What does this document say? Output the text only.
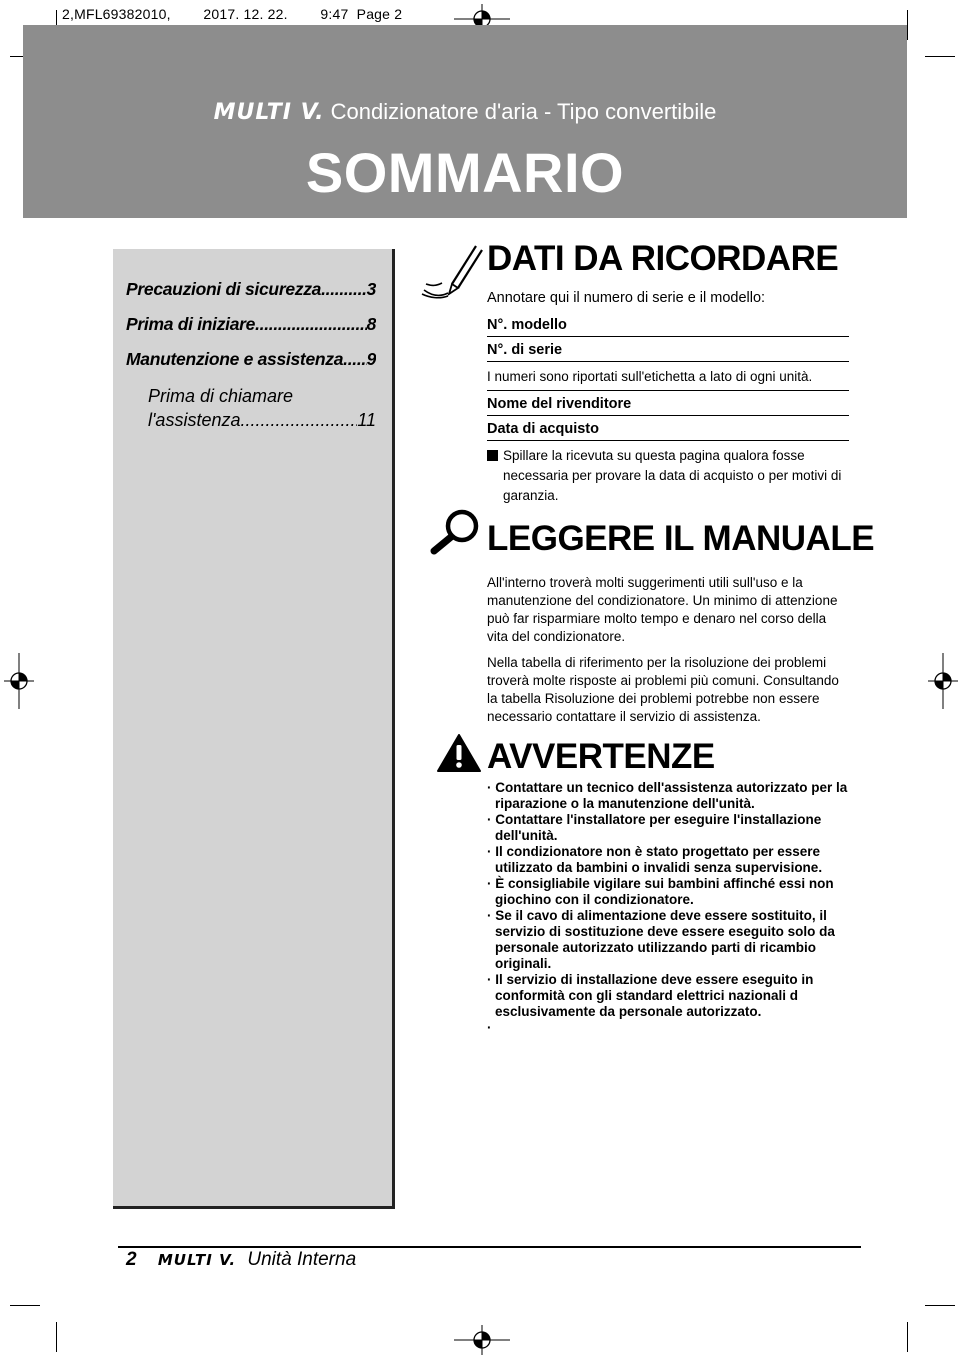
2,MFL69382010,        2017. 12. 22.        9:47  Page 2
MULTI V. Condizionatore d'aria - Tipo convertibile
SOMMARIO
Precauzioni di sicurezza .....	3
Prima di iniziare .....	8
Manutenzione e assistenza ..... 9
Prima di chiamare
l'assistenza .....	11
DATI DA RICORDARE
Annotare qui il numero di serie e il modello:
N°. modello
N°. di serie
I numeri sono riportati sull'etichetta a lato di ogni unità.
Nome del rivenditore
Data di acquisto
Spillare la ricevuta su questa pagina qualora fosse necessaria per provare la data di acquisto o per motivi di garanzia.
LEGGERE IL MANUALE

All'interno troverà molti suggerimenti utili sull'uso e la manutenzione del condizionatore. Un minimo di attenzione può far risparmiare molto tempo e denaro nel corso della vita del condizionatore.

Nella tabella di riferimento per la risoluzione dei problemi troverà molte risposte ai problemi più comuni. Consultando la tabella Risoluzione dei problemi potrebbe non essere necessario contattare il servizio di assistenza.

AVVERTENZE
· Contattare un tecnico dell'assistenza autorizzato per la riparazione o la manutenzione dell'unità.
· Contattare l'installatore per eseguire l'installazione dell'unità.
· Il condizionatore non è stato progettato per essere utilizzato da bambini o invalidi senza supervisione.
· È consigliabile vigilare sui bambini affinché essi non giochino con il condizionatore.
· Se il cavo di alimentazione deve essere sostituito, il servizio di sostituzione deve essere eseguito solo da personale autorizzato utilizzando parti di ricambio originali.
· Il servizio di installazione deve essere eseguito in conformità con gli standard elettrici nazionali d esclusivamente da personale autorizzato.
·
2 MULTI V. Unità Interna
